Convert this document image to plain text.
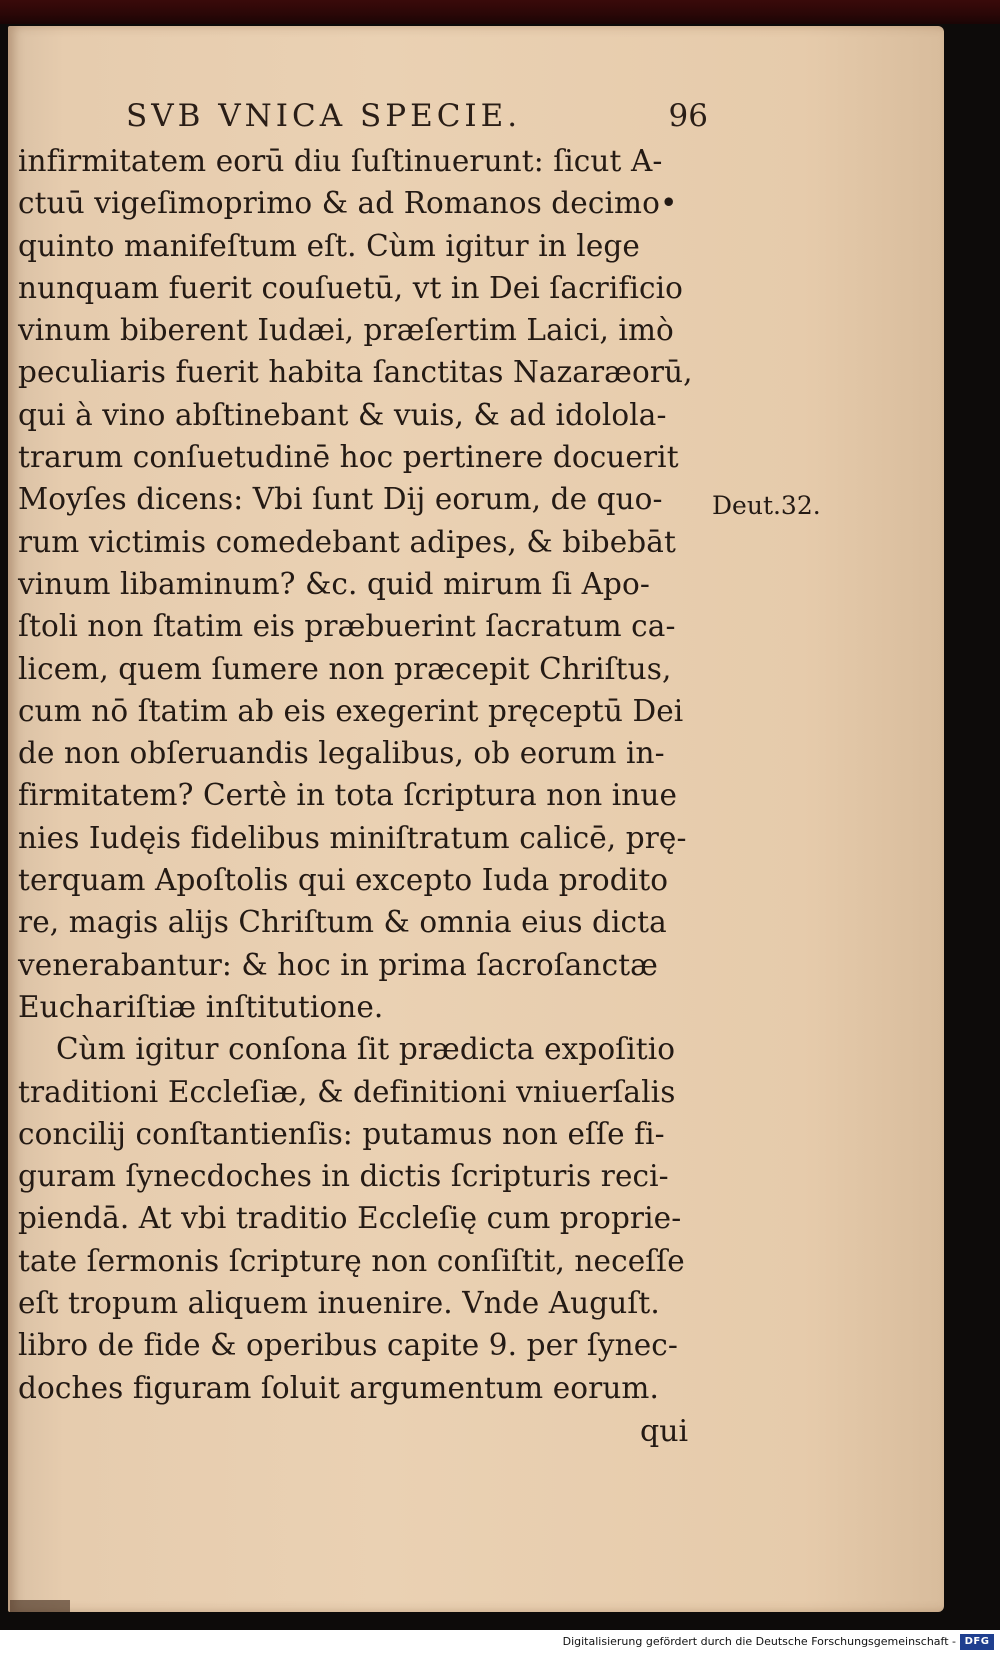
SVB VNICA SPECIE.	96
infirmitatem eorū diu ſuſtinuerunt: ſicut A-
ctuū vigeſimoprimo & ad Romanos decimo•
quinto manifeſtum eſt. Cùm igitur in lege
nunquam fuerit couſuetū, vt in Dei ſacrificio
vinum biberent Iudæi, præſertim Laici, imò
peculiaris fuerit habita ſanctitas Nazaræorū,
qui à vino abſtinebant & vuis, & ad idolola-
trarum conſuetudinē hoc pertinere docuerit
Moyſes dicens: Vbi ſunt Dij eorum, de quo-
rum victimis comedebant adipes, & bibebāt
vinum libaminum? &c. quid mirum ſi Apo-
ſtoli non ſtatim eis præbuerint ſacratum ca-
licem, quem ſumere non præcepit Chriſtus,
cum nō ſtatim ab eis exegerint pręceptū Dei
de non obſeruandis legalibus, ob eorum in-
firmitatem? Certè in tota ſcriptura non inue
nies Iudęis fidelibus miniſtratum calicē, prę-
terquam Apoſtolis qui excepto Iuda prodito
re, magis alijs Chriſtum & omnia eius dicta
venerabantur: & hoc in prima ſacroſanctæ
Euchariſtiæ inſtitutione.
Cùm igitur conſona ſit prædicta expoſitio
traditioni Eccleſiæ, & definitioni vniuerſalis
concilij conſtantienſis: putamus non eſſe fi-
guram ſynecdoches in dictis ſcripturis reci-
piendā. At vbi traditio Eccleſię cum proprie-
tate ſermonis ſcripturę non conſiſtit, neceſſe
eſt tropum aliquem inuenire. Vnde Auguſt.
libro de fide & operibus capite 9. per ſynec-
doches figuram ſoluit argumentum eorum.
Deut.32.
qui
Digitalisierung gefördert durch die Deutsche Forschungsgemeinschaft - DFG
